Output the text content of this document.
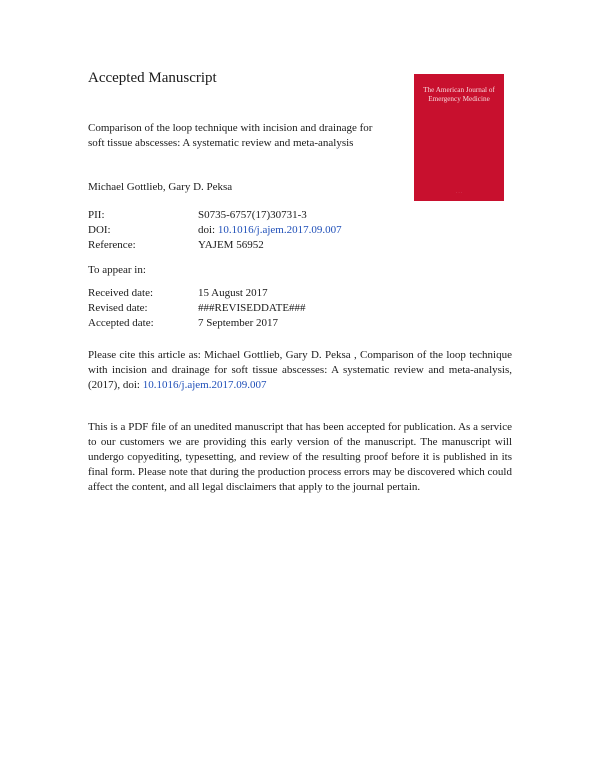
Accepted Manuscript
Comparison of the loop technique with incision and drainage for
soft tissue abscesses: A systematic review and meta-analysis
Michael Gottlieb, Gary D. Peksa
The American Journal of Emergency Medicine
· · ·
PII:	S0735-6757(17)30731-3
DOI:	doi: 10.1016/j.ajem.2017.09.007
Reference:	YAJEM 56952
To appear in:
Received date:	15 August 2017
Revised date:	###REVISEDDATE###
Accepted date:	7 September 2017
Please cite this article as: Michael Gottlieb, Gary D. Peksa , Comparison of the loop technique with incision and drainage for soft tissue abscesses: A systematic review and meta-analysis, (2017), doi: 10.1016/j.ajem.2017.09.007
This is a PDF file of an unedited manuscript that has been accepted for publication. As a service to our customers we are providing this early version of the manuscript. The manuscript will undergo copyediting, typesetting, and review of the resulting proof before it is published in its final form. Please note that during the production process errors may be discovered which could affect the content, and all legal disclaimers that apply to the journal pertain.
